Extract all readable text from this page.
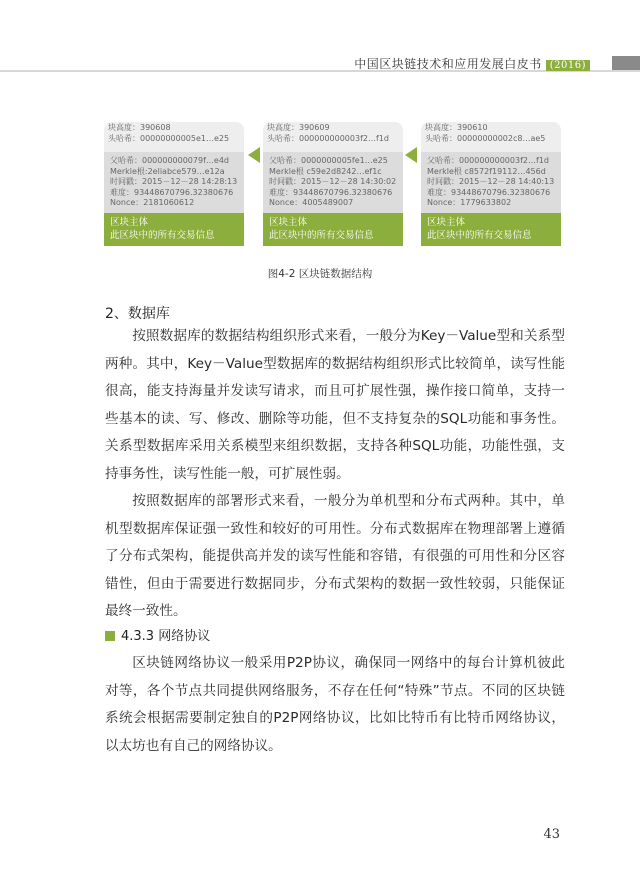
中国区块链技术和应用发展白皮书 (2016)
块高度：390608
头哈希：00000000005e1…e25
父哈希：000000000079f…e4d
Merkle根:2eliabce579…e12a
时间戳：2015－12－28 14:28:13
难度：93448670796.32380676
Nonce：2181060612
区块主体
此区块中的所有交易信息
块高度：390609
头哈希：000000000003f2…f1d
父哈希：0000000005fe1…e25
Merkle根 c59e2d8242…ef1c
时间戳：2015－12－28 14:30:02
难度：93448670796.32380676
Nonce：4005489007
区块主体
此区块中的所有交易信息
块高度：390610
头哈希：00000000002c8…ae5
父哈希：000000000003f2…f1d
Merkle根 c8572f19112…456d
时间戳：2015－12－28 14:40:13
难度：93448670796.32380676
Nonce：1779633802
区块主体
此区块中的所有交易信息
图4-2 区块链数据结构
2、数据库

按照数据库的数据结构组织形式来看，一般分为Key－Value型和关系型两种。其中，Key－Value型数据库的数据结构组织形式比较简单，读写性能很高，能支持海量并发读写请求，而且可扩展性强，操作接口简单，支持一些基本的读、写、修改、删除等功能，但不支持复杂的SQL功能和事务性。关系型数据库采用关系模型来组织数据，支持各种SQL功能，功能性强，支持事务性，读写性能一般，可扩展性弱。

按照数据库的部署形式来看，一般分为单机型和分布式两种。其中，单机型数据库保证强一致性和较好的可用性。分布式数据库在物理部署上遵循了分布式架构，能提供高并发的读写性能和容错，有很强的可用性和分区容错性，但由于需要进行数据同步，分布式架构的数据一致性较弱，只能保证最终一致性。

4.3.3 网络协议

区块链网络协议一般采用P2P协议，确保同一网络中的每台计算机彼此对等，各个节点共同提供网络服务，不存在任何“特殊”节点。不同的区块链系统会根据需要制定独自的P2P网络协议，比如比特币有比特币网络协议，以太坊也有自己的网络协议。

43
